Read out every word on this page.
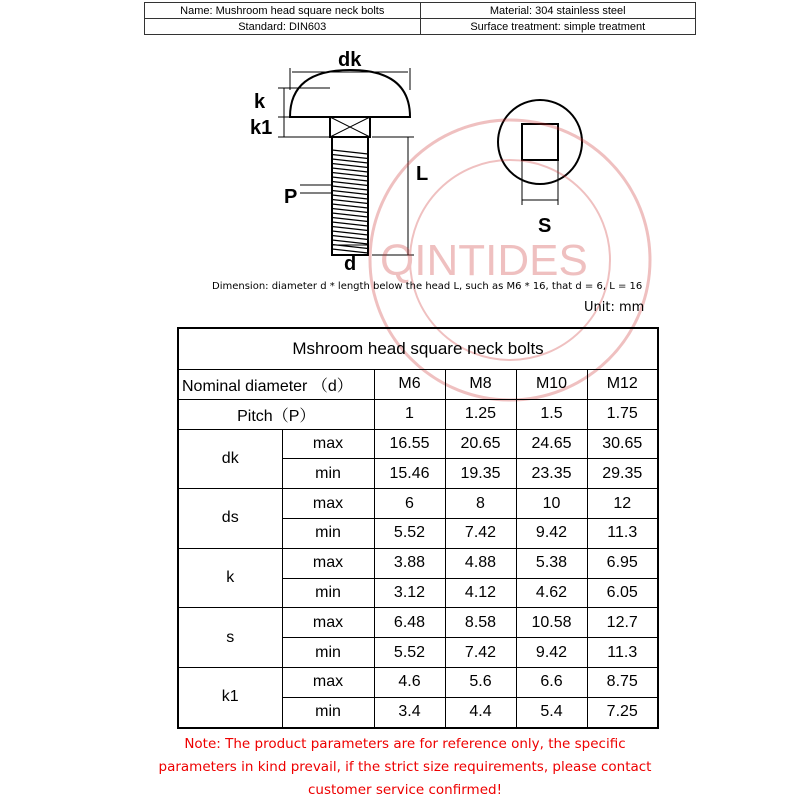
Name: Mushroom head square neck bolts	Material: 304 stainless steel
Standard: DIN603	Surface treatment: simple treatment
dk
k
k1
P
L
d
S
QINTIDES
Dimension: diameter d * length below the head L, such as M6 * 16, that d = 6, L = 16
Unit: mm
Mshroom head square neck bolts					
Nominal diameter （d）		M6	M8	M10	M12
Pitch（P）		1	1.25	1.5	1.75
dk	max	16.55	20.65	24.65	30.65
	min	15.46	19.35	23.35	29.35
ds	max	6	8	10	12
	min	5.52	7.42	9.42	11.3
k	max	3.88	4.88	5.38	6.95
	min	3.12	4.12	4.62	6.05
s	max	6.48	8.58	10.58	12.7
	min	5.52	7.42	9.42	11.3
k1	max	4.6	5.6	6.6	8.75
	min	3.4	4.4	5.4	7.25
Note: The product parameters are for reference only, the specific parameters in kind prevail, if the strict size requirements, please contact customer service confirmed!
